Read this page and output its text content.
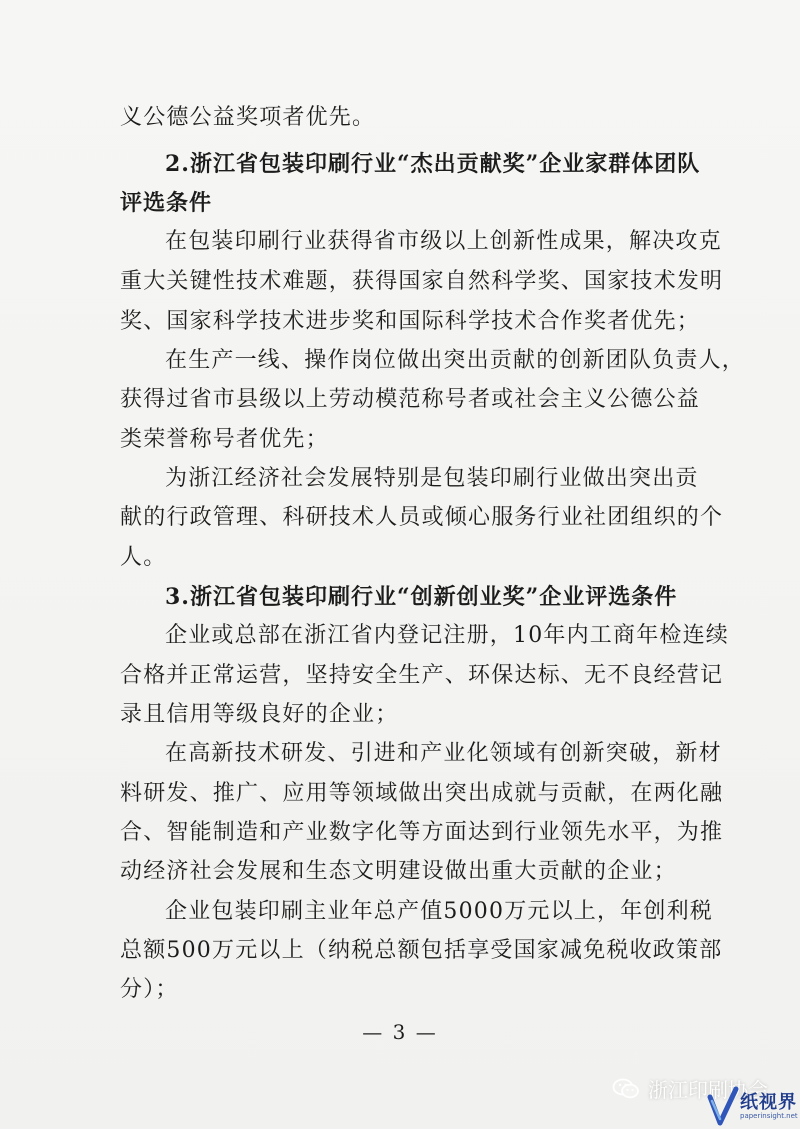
义公德公益奖项者优先。
2.浙江省包装印刷行业“杰出贡献奖”企业家群体团队
评选条件
在包装印刷行业获得省市级以上创新性成果，解决攻克
重大关键性技术难题，获得国家自然科学奖、国家技术发明
奖、国家科学技术进步奖和国际科学技术合作奖者优先；
在生产一线、操作岗位做出突出贡献的创新团队负责人，
获得过省市县级以上劳动模范称号者或社会主义公德公益
类荣誉称号者优先；
为浙江经济社会发展特别是包装印刷行业做出突出贡
献的行政管理、科研技术人员或倾心服务行业社团组织的个
人。
3.浙江省包装印刷行业“创新创业奖”企业评选条件
企业或总部在浙江省内登记注册，10年内工商年检连续
合格并正常运营，坚持安全生产、环保达标、无不良经营记
录且信用等级良好的企业；
在高新技术研发、引进和产业化领域有创新突破，新材
料研发、推广、应用等领域做出突出成就与贡献，在两化融
合、智能制造和产业数字化等方面达到行业领先水平，为推
动经济社会发展和生态文明建设做出重大贡献的企业；
企业包装印刷主业年总产值5000万元以上，年创利税
总额500万元以上（纳税总额包括享受国家减免税收政策部
分）；
— 3 —
浙江印刷协会
纸视界
paperinsight.net
